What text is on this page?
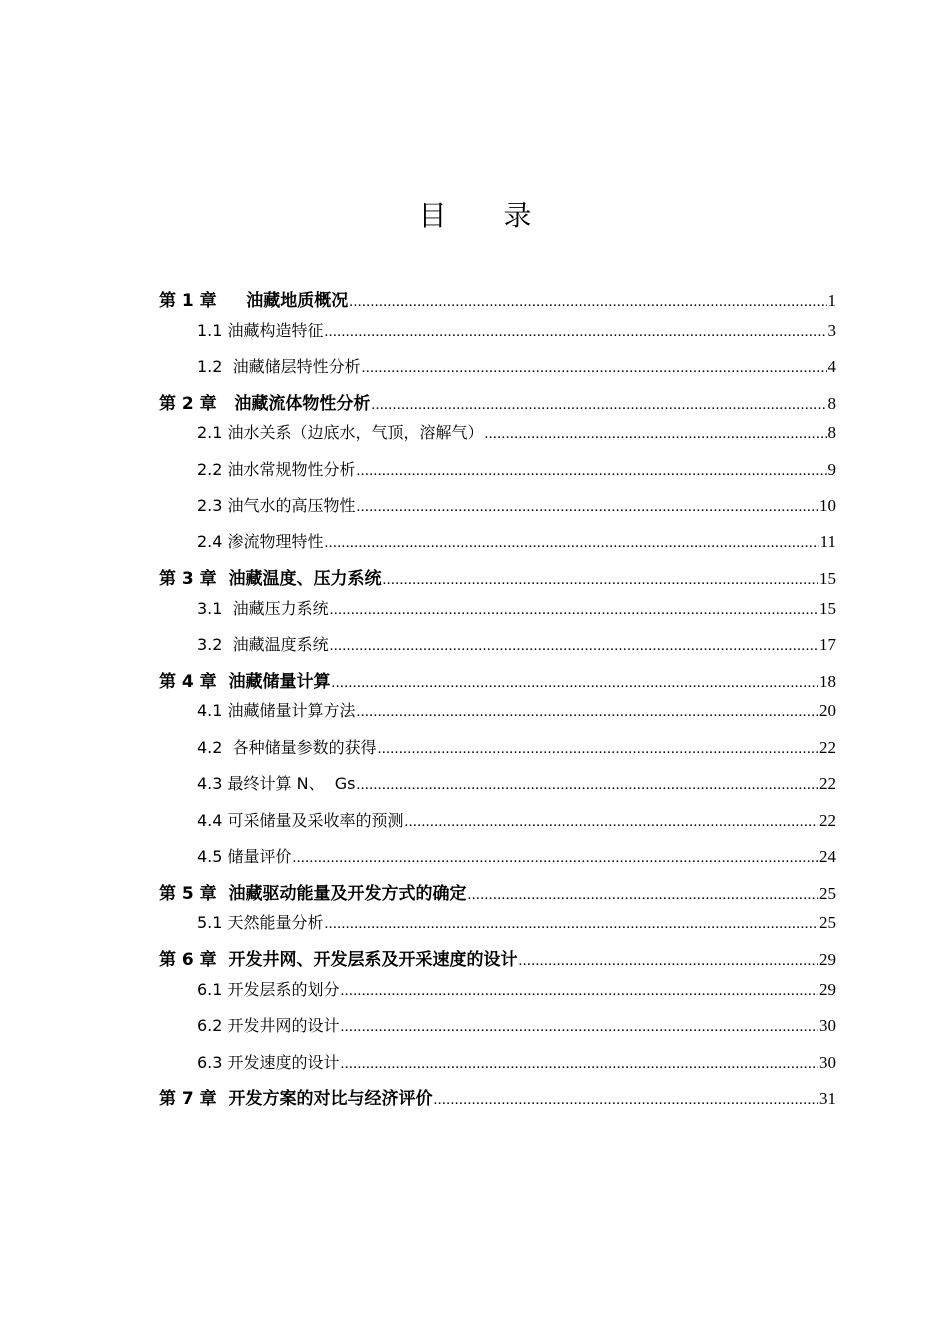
目 录
第 1 章     油藏地质概况 .....	1
1.1 油藏构造特征 .....	3
1.2  油藏储层特性分析 .....	4
第 2 章   油藏流体物性分析 .....	8
2.1 油水关系（边底水，气顶，溶解气） .....	8
2.2 油水常规物性分析 .....	9
2.3 油气水的高压物性 .....	10
2.4 渗流物理特性 .....	11
第 3 章  油藏温度、压力系统 .....	15
3.1  油藏压力系统 .....	15
3.2  油藏温度系统 .....	17
第 4 章  油藏储量计算 .....	18
4.1 油藏储量计算方法 .....	20
4.2  各种储量参数的获得 .....	22
4.3 最终计算 N、  Gs .....	22
4.4 可采储量及采收率的预测 .....	22
4.5 储量评价 .....	24
第 5 章  油藏驱动能量及开发方式的确定 .....	25
5.1 天然能量分析 .....	25
第 6 章  开发井网、开发层系及开采速度的设计 .....	29
6.1 开发层系的划分 .....	29
6.2 开发井网的设计 .....	30
6.3 开发速度的设计 .....	30
第 7 章  开发方案的对比与经济评价 .....	31
